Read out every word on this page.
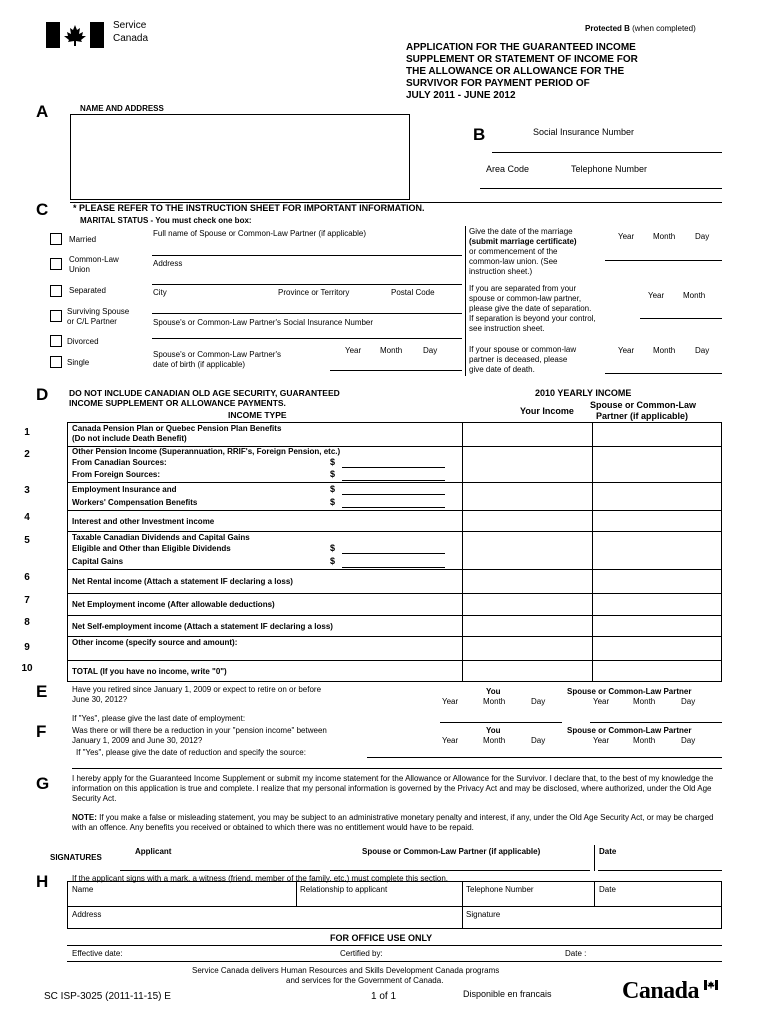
Service
Canada
Protected B (when completed)
APPLICATION FOR THE GUARANTEED INCOME
SUPPLEMENT OR STATEMENT OF INCOME FOR
THE ALLOWANCE OR ALLOWANCE FOR THE
SURVIVOR FOR PAYMENT PERIOD OF
JULY 2011 - JUNE 2012
A	NAME AND ADDRESS
B	Social Insurance Number
Area Code	Telephone Number
C	* PLEASE REFER TO THE INSTRUCTION SHEET FOR IMPORTANT INFORMATION.
MARITAL STATUS - You must check one box:
Married
Common-Law
Union
Separated
Surviving Spouse
or C/L Partner
Divorced
Single
Full name of Spouse or Common-Law Partner (if applicable)
Address
City	Province or Territory	Postal Code
Spouse's or Common-Law Partner's Social Insurance Number
Spouse's or Common-Law Partner's
date of birth (if applicable)
Year Month	Day
Give the date of the marriage
(submit marriage certificate)
or commencement of the
common-law union. (See
instruction sheet.)
Year Month Day
If you are separated from your
spouse or common-law partner,
please give the date of separation.
If separation is beyond your control,
see instruction sheet.
Year Month
If your spouse or common-law
partner is deceased, please
give date of death.
Year Month Day
D DO NOT INCLUDE CANADIAN OLD AGE SECURITY, GUARANTEED
INCOME SUPPLEMENT OR ALLOWANCE PAYMENTS.
INCOME TYPE
2010 YEARLY INCOME
Your Income
Spouse or Common-Law
Partner (if applicable)
1	Canada Pension Plan or Quebec Pension Plan Benefits
(Do not include Death Benefit)
2	Other Pension Income (Superannuation, RRIF's, Foreign Pension, etc.)
From Canadian Sources:
From Foreign Sources:
$
$
3	Employment Insurance and
Workers' Compensation Benefits
$
$
4	Interest and other Investment income
5	Taxable Canadian Dividends and Capital Gains
Eligible and Other than Eligible Dividends
Capital Gains
$
$
6	Net Rental income (Attach a statement IF declaring a loss)
7	Net Employment income (After allowable deductions)
8	Net Self-employment income (Attach a statement IF declaring a loss)
9	Other income (specify source and amount):
10	TOTAL (If you have no income, write "0")
E	Have you retired since January 1, 2009 or expect to retire on or before
June 30, 2012?
If "Yes", please give the last date of employment:
You
Year	Month	Day
Spouse or Common-Law Partner
Year	Month	Day
F	Was there or will there be a reduction in your "pension income" between
January 1, 2009 and June 30, 2012?
If "Yes", please give the date of reduction and specify the source:
You
Year	Month	Day
Spouse or Common-Law Partner
Year	Month	Day
G	I hereby apply for the Guaranteed Income Supplement or submit my income statement for the Allowance or Allowance for the Survivor. I declare that, to the best of my knowledge the information on this application is true and complete. I realize that my personal information is governed by the Privacy Act and may be disclosed, where authorized, under the Old Age Security Act.
NOTE: If you make a false or misleading statement, you may be subject to an administrative monetary penalty and interest, if any, under the Old Age Security Act, or may be charged with an offence. Any benefits you received or obtained to which there was no entitlement would have to be repaid.
SIGNATURES
Applicant	Spouse or Common-Law Partner (if applicable)	Date
H	If the applicant signs with a mark, a witness (friend, member of the family, etc.) must complete this section.
Name	Relationship to applicant	Telephone Number	Date
Address	Signature
FOR OFFICE USE ONLY
Effective date:	Certified by:	Date :
Service Canada delivers Human Resources and Skills Development Canada programs
and services for the Government of Canada.
SC ISP-3025 (2011-11-15) E	1 of 1	Disponible en francais	Canada
